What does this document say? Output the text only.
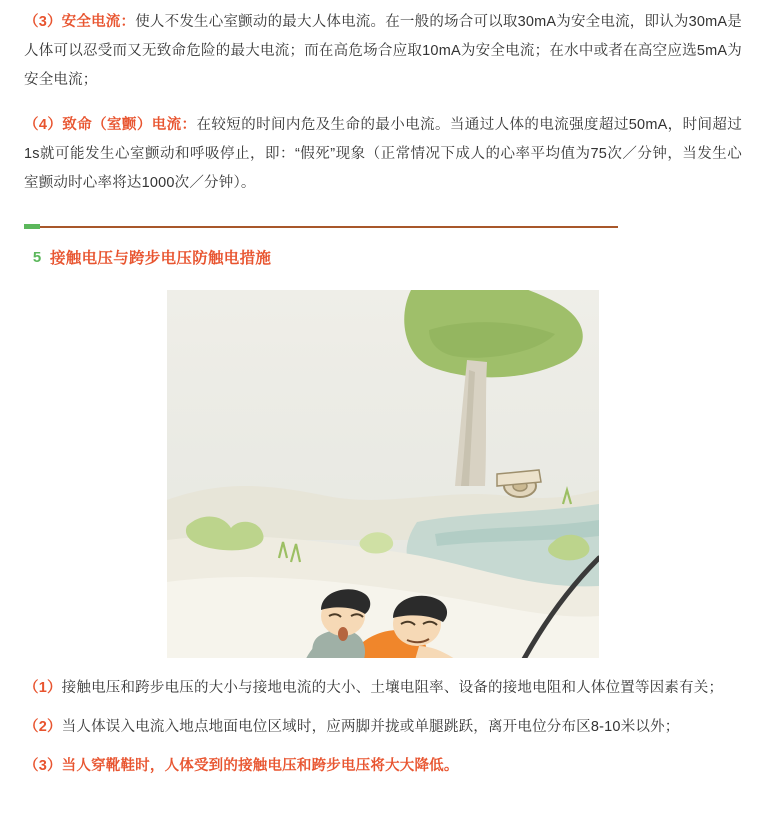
（3）安全电流：使人不发生心室颤动的最大人体电流。在一般的场合可以取30mA为安全电流，即认为30mA是人体可以忍受而又无致命危险的最大电流；而在高危场合应取10mA为安全电流；在水中或者在高空应选5mA为安全电流；

（4）致命（室颤）电流：在较短的时间内危及生命的最小电流。当通过人体的电流强度超过50mA，时间超过1s就可能发生心室颤动和呼吸停止，即：“假死”现象（正常情况下成人的心率平均值为75次／分钟，当发生心室颤动时心率将达1000次／分钟）。

5 接触电压与跨步电压防触电措施

（1）接触电压和跨步电压的大小与接地电流的大小、土壤电阻率、设备的接地电阻和人体位置等因素有关；

（2）当人体误入电流入地点地面电位区域时，应两脚并拢或单腿跳跃，离开电位分布区8-10米以外；

（3）当人穿靴鞋时，人体受到的接触电压和跨步电压将大大降低。
